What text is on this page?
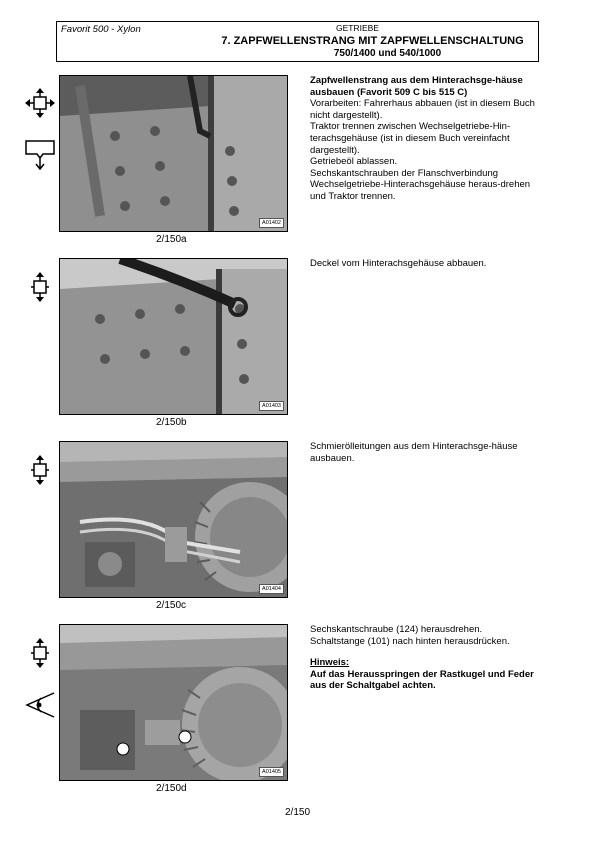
Favorit 500 - Xylon	GETRIEBE
7. ZAPFWELLENSTRANG MIT ZAPFWELLENSCHALTUNG
750/1400 und 540/1000
A01402
2/150a

Zapfwellenstrang aus dem Hinterachsge-häuse ausbauen (Favorit 509 C bis 515 C)

Vorarbeiten: Fahrerhaus abbauen (ist in diesem Buch nicht dargestellt).

Traktor trennen zwischen Wechselgetriebe-Hin-terachsgehäuse (ist in diesem Buch vereinfacht dargestellt).

Getriebeöl ablassen.

Sechskantschrauben der Flanschverbindung Wechselgetriebe-Hinterachsgehäuse heraus-drehen und Traktor trennen.

A01403
2/150b

Deckel vom Hinterachsgehäuse abbauen.

A01404
2/150c

Schmierölleitungen aus dem Hinterachsge-häuse ausbauen.

A01405
2/150d

Sechskantschraube (124) herausdrehen.

Schaltstange (101) nach hinten herausdrücken.

Hinweis:

Auf das Herausspringen der Rastkugel und Feder aus der Schaltgabel achten.

2/150
